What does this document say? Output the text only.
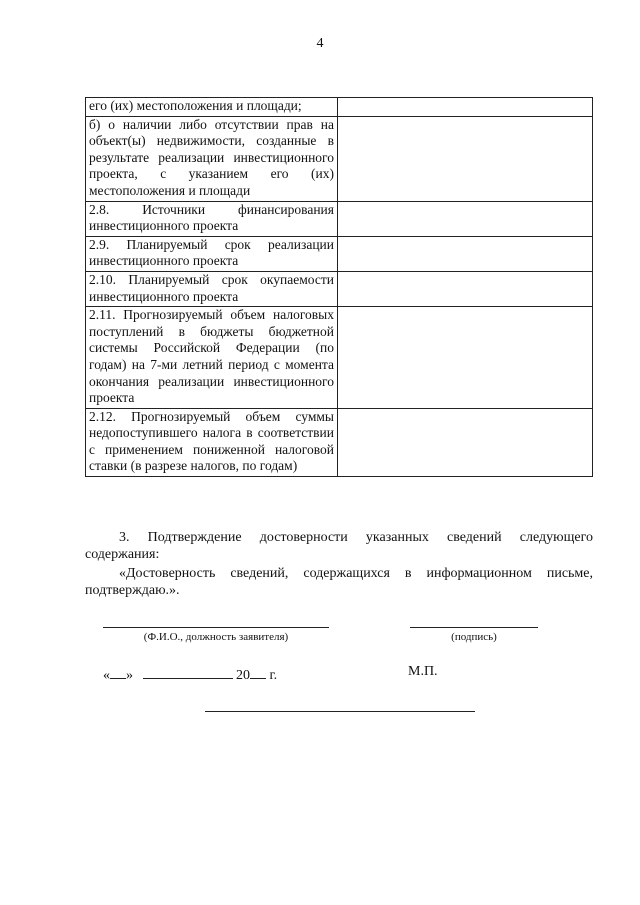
4
его (их) местоположения и площади;	
б) о наличии либо отсутствии прав на объект(ы) недвижимости, созданные в результате реализации инвестиционного проекта, с указанием его (их) местоположения и площади	
2.8. Источники финансирования инвестиционного проекта	
2.9. Планируемый срок реализации инвестиционного проекта	
2.10. Планируемый срок окупаемости инвестиционного проекта	
2.11. Прогнозируемый объем налоговых поступлений в бюджеты бюджетной системы Российской Федерации (по годам) на 7-ми летний период с момента окончания реализации инвестиционного проекта	
2.12. Прогнозируемый объем суммы недопоступившего налога в соответствии с применением пониженной налоговой ставки (в разрезе налогов, по годам)	
3. Подтверждение достоверности указанных сведений следующего содержания:
«Достоверность сведений, содержащихся в информационном письме, подтверждаю.».
(Ф.И.О., должность заявителя)	(подпись)
« »	20 г.	М.П.
